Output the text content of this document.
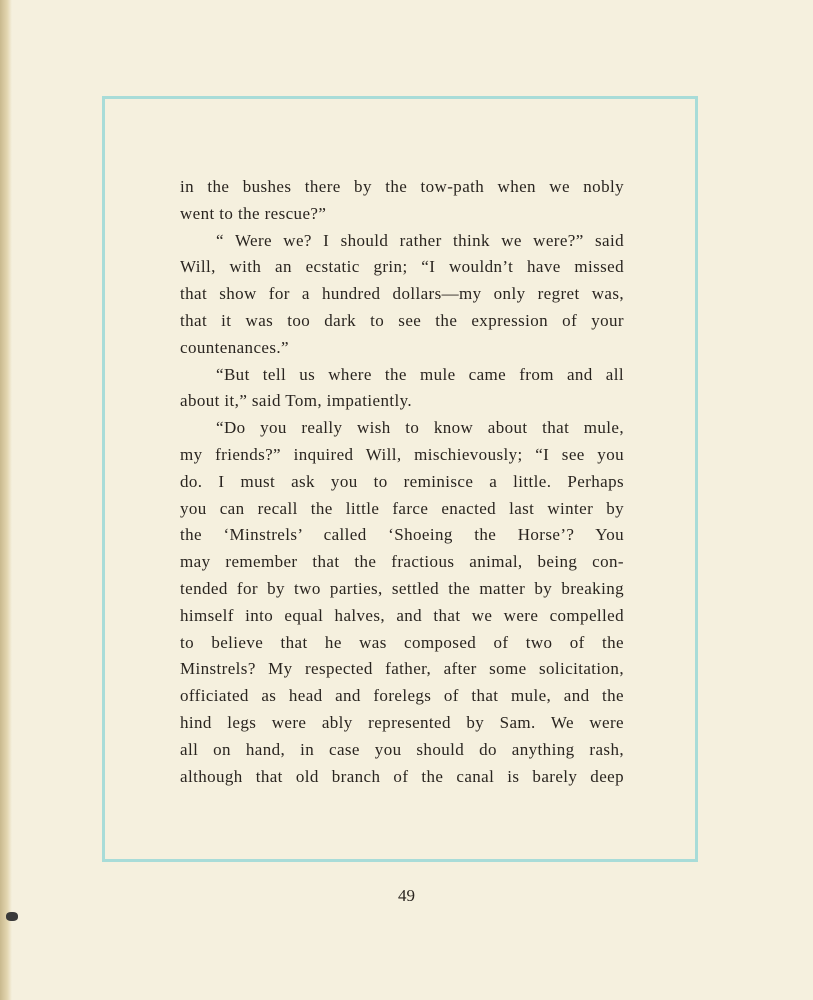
in the bushes there by the tow-path when we nobly
went to the rescue?”
“ Were we? I should rather think we were?” said
Will, with an ecstatic grin; “I wouldn’t have missed
that show for a hundred dollars—my only regret was,
that it was too dark to see the expression of your
countenances.”
“But tell us where the mule came from and all
about it,” said Tom, impatiently.
“Do you really wish to know about that mule,
my friends?” inquired Will, mischievously; “I see you
do. I must ask you to reminisce a little. Perhaps
you can recall the little farce enacted last winter by
the ‘Minstrels’ called ‘Shoeing the Horse’? You
may remember that the fractious animal, being con-
tended for by two parties, settled the matter by breaking
himself into equal halves, and that we were compelled
to believe that he was composed of two of the
Minstrels? My respected father, after some solicitation,
officiated as head and forelegs of that mule, and the
hind legs were ably represented by Sam. We were
all on hand, in case you should do anything rash,
although that old branch of the canal is barely deep
49
